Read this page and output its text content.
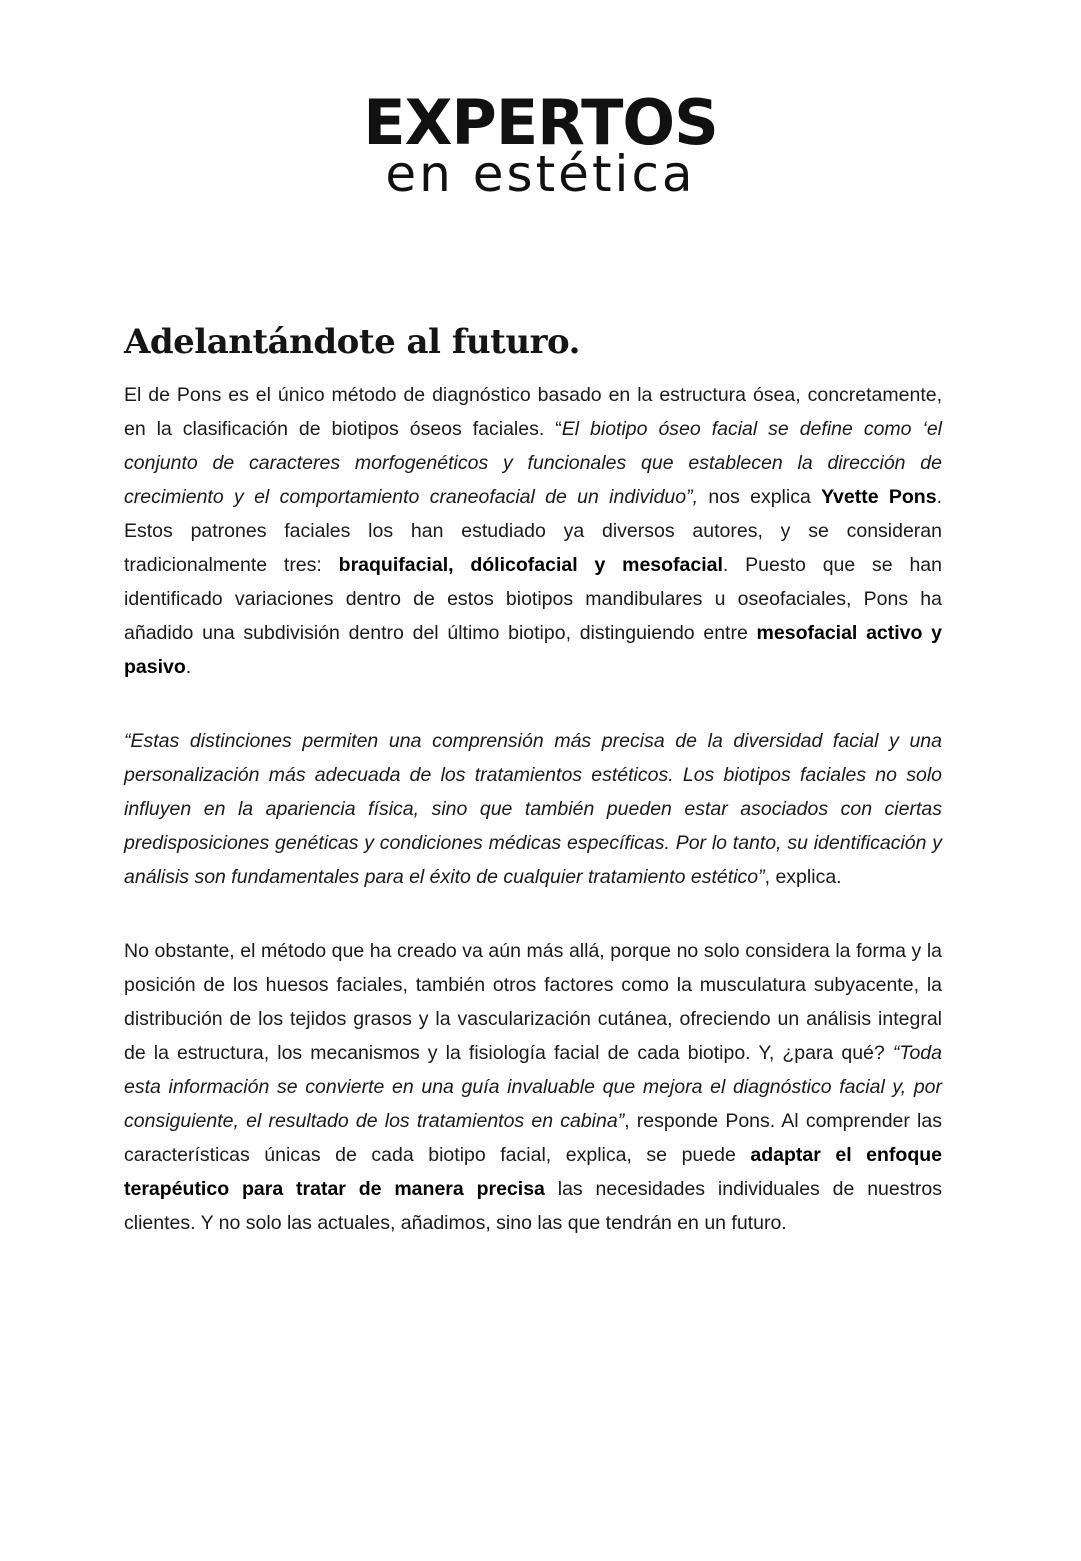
EXPERTOS
en estética
Adelantándote al futuro.

El de Pons es el único método de diagnóstico basado en la estructura ósea, concretamente, en la clasificación de biotipos óseos faciales. “El biotipo óseo facial se define como ‘el conjunto de caracteres morfogenéticos y funcionales que establecen la dirección de crecimiento y el comportamiento craneofacial de un individuo”, nos explica Yvette Pons. Estos patrones faciales los han estudiado ya diversos autores, y se consideran tradicionalmente tres: braquifacial, dólicofacial y mesofacial. Puesto que se han identificado variaciones dentro de estos biotipos mandibulares u oseofaciales, Pons ha añadido una subdivisión dentro del último biotipo, distinguiendo entre mesofacial activo y pasivo.

“Estas distinciones permiten una comprensión más precisa de la diversidad facial y una personalización más adecuada de los tratamientos estéticos. Los biotipos faciales no solo influyen en la apariencia física, sino que también pueden estar asociados con ciertas predisposiciones genéticas y condiciones médicas específicas. Por lo tanto, su identificación y análisis son fundamentales para el éxito de cualquier tratamiento estético”, explica.

No obstante, el método que ha creado va aún más allá, porque no solo considera la forma y la posición de los huesos faciales, también otros factores como la musculatura subyacente, la distribución de los tejidos grasos y la vascularización cutánea, ofreciendo un análisis integral de la estructura, los mecanismos y la fisiología facial de cada biotipo. Y, ¿para qué? “Toda esta información se convierte en una guía invaluable que mejora el diagnóstico facial y, por consiguiente, el resultado de los tratamientos en cabina”, responde Pons. Al comprender las características únicas de cada biotipo facial, explica, se puede adaptar el enfoque terapéutico para tratar de manera precisa las necesidades individuales de nuestros clientes. Y no solo las actuales, añadimos, sino las que tendrán en un futuro.
